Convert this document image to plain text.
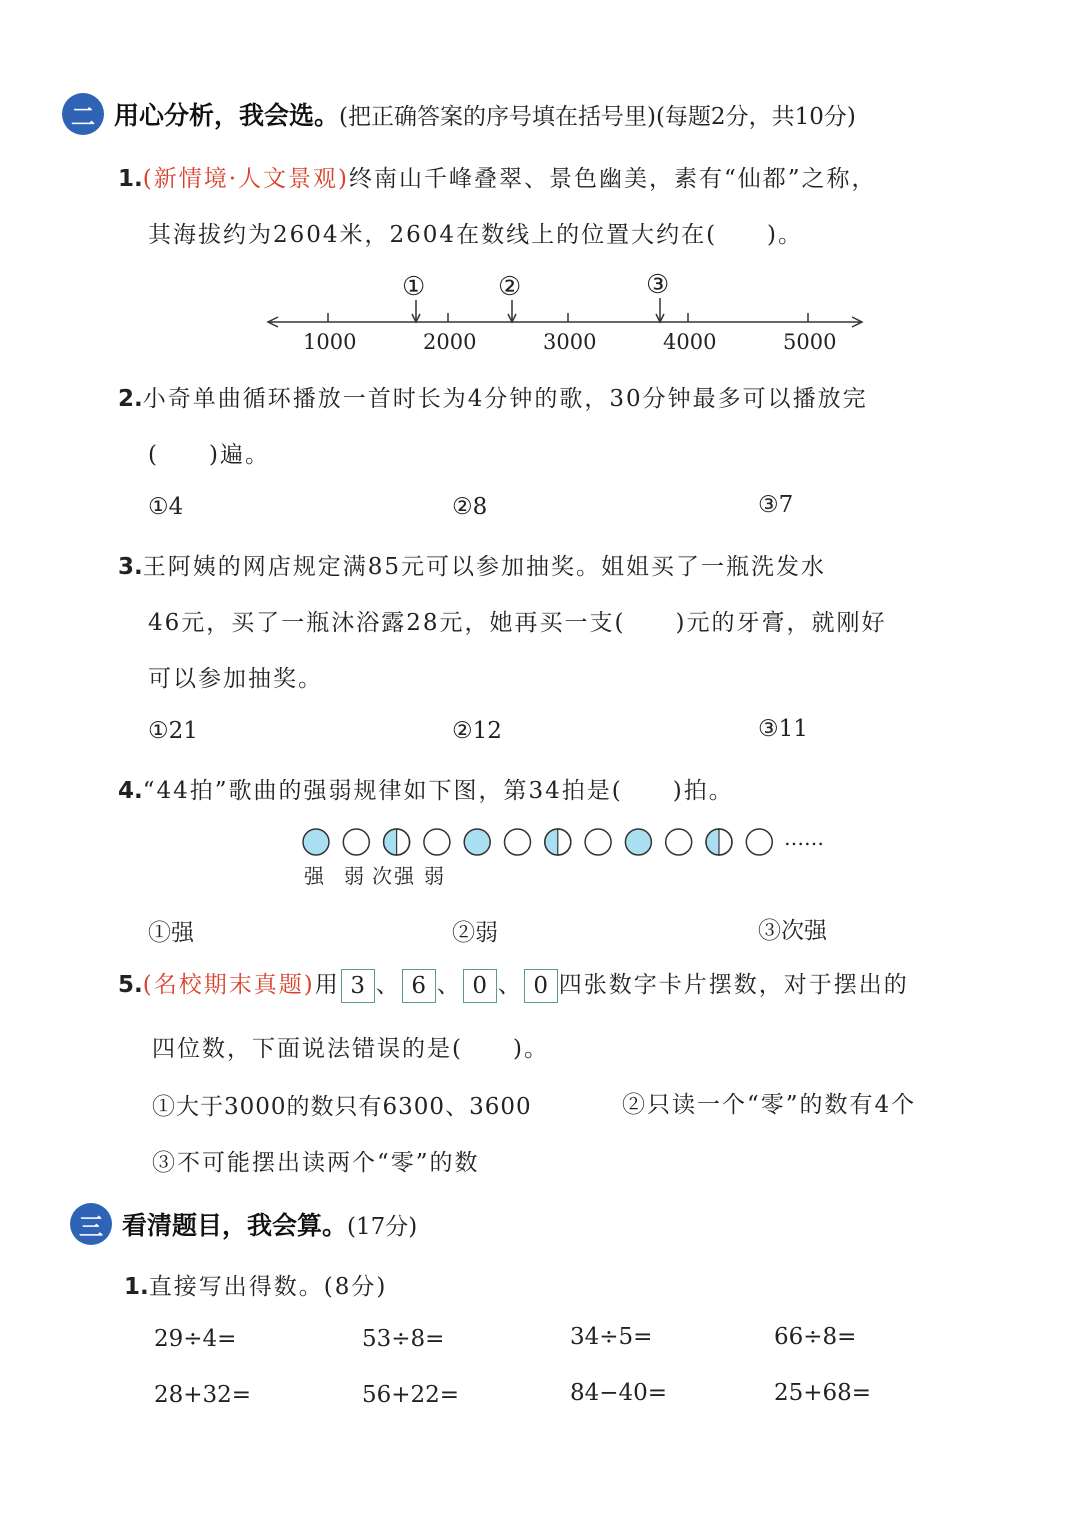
二 用心分析，我会选。(把正确答案的序号填在括号里)(每题2分，共10分)
1.(新情境·人文景观)终南山千峰叠翠、景色幽美，素有“仙都”之称，
其海拔约为2604米，2604在数线上的位置大约在(　　)。
①	②	③
1000	2000	3000	4000	5000
2.小奇单曲循环播放一首时长为4分钟的歌，30分钟最多可以播放完
(　　)遍。
①4	②8	③7
3.王阿姨的网店规定满85元可以参加抽奖。姐姐买了一瓶洗发水
46元，买了一瓶沐浴露28元，她再买一支(　　)元的牙膏，就刚好
可以参加抽奖。
①21	②12	③11
4.“44拍”歌曲的强弱规律如下图，第34拍是(　　)拍。
……
强 弱 次强 弱
①强	②弱	③次强
5.(名校期末真题)用 3 、 6 、 0 、 0 四张数字卡片摆数，对于摆出的
四位数，下面说法错误的是(　　)。
①大于3000的数只有6300、3600	②只读一个“零”的数有4个
③不可能摆出读两个“零”的数
三 看清题目，我会算。(17分)
1.直接写出得数。(8分)
29÷4=	53÷8=	34÷5=	66÷8=
28+32=	56+22=	84−40=	25+68=
